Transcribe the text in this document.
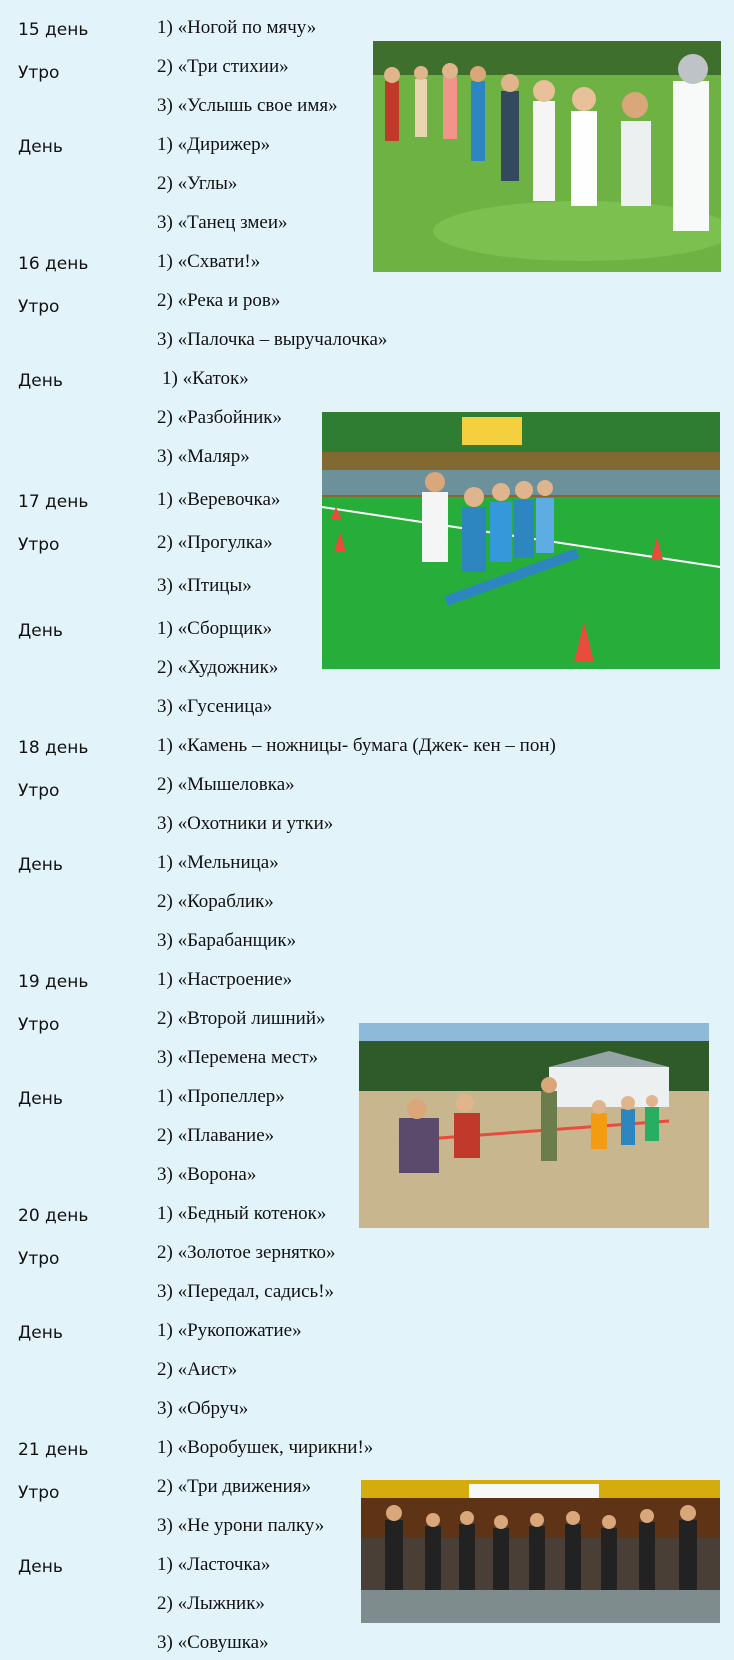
15 день
Утро
День
1) «Ногой по мячу»
2) «Три стихии»
3) «Услышь свое имя»
1) «Дирижер»
2) «Углы»
3) «Танец змеи»
16 день
Утро
День
1) «Схвати!»
2) «Река и ров»
3) «Палочка – выручалочка»
1) «Каток»
2) «Разбойник»
3) «Маляр»
17 день
Утро
День
1) «Веревочка»
2) «Прогулка»
3) «Птицы»
1) «Сборщик»
2) «Художник»
3) «Гусеница»
18 день
Утро
День
1) «Камень – ножницы- бумага (Джек- кен – пон)
2) «Мышеловка»
3) «Охотники и утки»
1) «Мельница»
2) «Кораблик»
3) «Барабанщик»
19 день
Утро
День
1) «Настроение»
2) «Второй лишний»
3) «Перемена мест»
1) «Пропеллер»
2) «Плавание»
3) «Ворона»
20 день
Утро
День
1) «Бедный котенок»
2) «Золотое зернятко»
3) «Передал, садись!»
1) «Рукопожатие»
2) «Аист»
3) «Обруч»
21 день
Утро
День
1) «Воробушек, чирикни!»
2) «Три движения»
3) «Не урони палку»
1) «Ласточка»
2) «Лыжник»
3) «Совушка»
